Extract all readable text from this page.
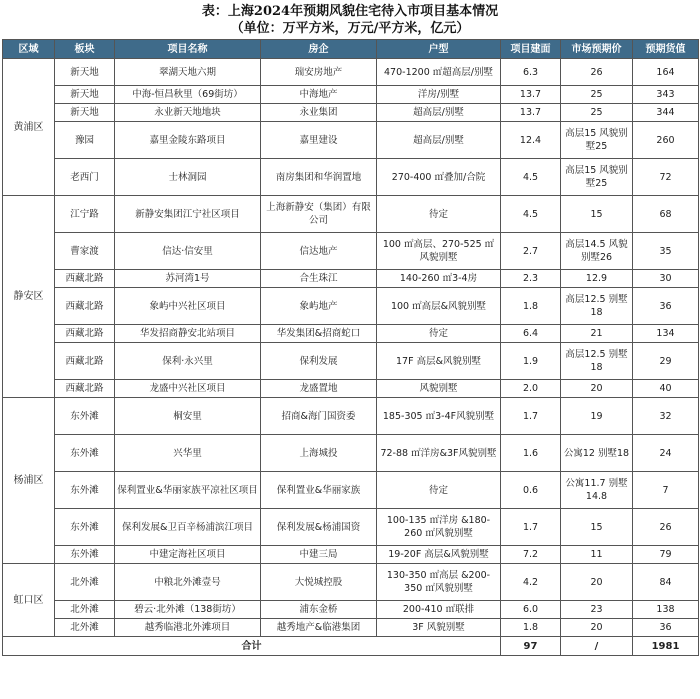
表：上海2024年预期风貌住宅待入市项目基本情况
（单位：万平方米，万元/平方米，亿元）
区域	板块	项目名称	房企	户型	项目建面	市场预期价	预期货值
黄浦区	新天地	翠湖天地六期	瑞安房地产	470-1200 ㎡超高层/别墅	6.3	26	164
	新天地	中海-恒昌秋里（69街坊）	中海地产	洋房/别墅	13.7	25	343
	新天地	永业新天地地块	永业集团	超高层/别墅	13.7	25	344
	豫园	嘉里金陵东路项目	嘉里建设	超高层/别墅	12.4	高层15 风貌别墅25	260
	老西门	士林洞园	南房集团和华润置地	270-400 ㎡叠加/合院	4.5	高层15 风貌别墅25	72
静安区	江宁路	新静安集团江宁社区项目	上海新静安（集团）有限公司	待定	4.5	15	68
	曹家渡	信达·信安里	信达地产	100 ㎡高层、270-525 ㎡风貌别墅	2.7	高层14.5 风貌别墅26	35
	西藏北路	苏河湾1号	合生珠江	140-260 ㎡3-4房	2.3	12.9	30
	西藏北路	象屿中兴社区项目	象屿地产	100 ㎡高层&风貌别墅	1.8	高层12.5 别墅18	36
	西藏北路	华发招商静安北站项目	华发集团&招商蛇口	待定	6.4	21	134
	西藏北路	保利·永兴里	保利发展	17F 高层&风貌别墅	1.9	高层12.5 别墅18	29
	西藏北路	龙盛中兴社区项目	龙盛置地	风貌别墅	2.0	20	40
杨浦区	东外滩	桐安里	招商&海门国资委	185-305 ㎡3-4F风貌别墅	1.7	19	32
	东外滩	兴华里	上海城投	72-88 ㎡洋房&3F风貌别墅	1.6	公寓12 别墅18	24
	东外滩	保利置业&华丽家族平凉社区项目	保利置业&华丽家族	待定	0.6	公寓11.7 别墅14.8	7
	东外滩	保利发展&卫百辛杨浦滨江项目	保利发展&杨浦国资	100-135 ㎡洋房 &180-260 ㎡风貌别墅	1.7	15	26
	东外滩	中建定海社区项目	中建三局	19-20F 高层&风貌别墅	7.2	11	79
虹口区	北外滩	中粮北外滩壹号	大悦城控股	130-350 ㎡高层 &200-350 ㎡风貌别墅	4.2	20	84
	北外滩	碧云·北外滩（138街坊）	浦东金桥	200-410 ㎡联排	6.0	23	138
	北外滩	越秀临港北外滩项目	越秀地产&临港集团	3F 风貌别墅	1.8	20	36
合计					97	/	1981
